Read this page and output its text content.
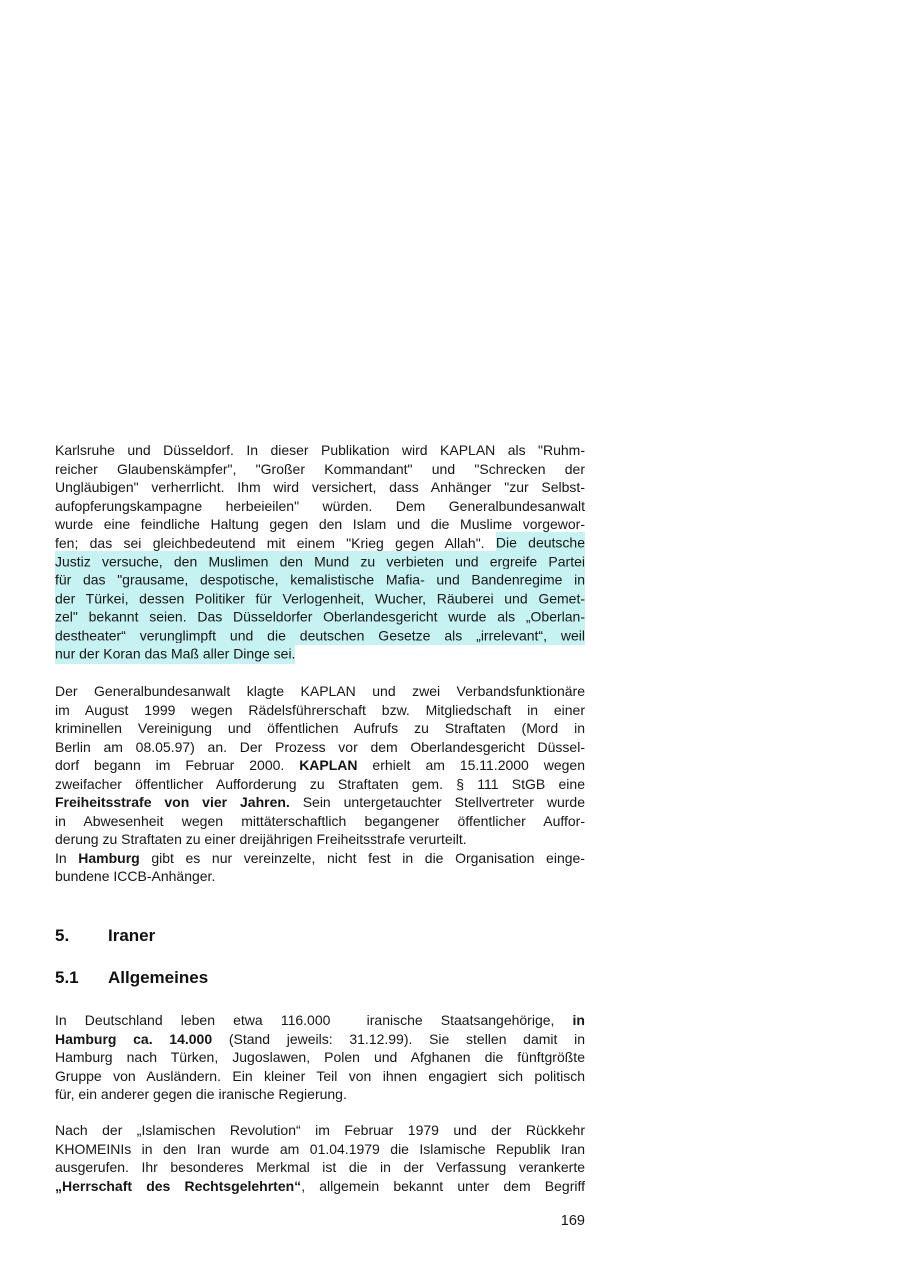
Karlsruhe und Düsseldorf. In dieser Publikation wird KAPLAN als "Ruhm-
reicher Glaubenskämpfer", "Großer Kommandant" und "Schrecken der
Ungläubigen" verherrlicht. Ihm wird versichert, dass Anhänger "zur Selbst-
aufopferungskampagne herbeieilen" würden. Dem Generalbundesanwalt
wurde eine feindliche Haltung gegen den Islam und die Muslime vorgewor-
fen; das sei gleichbedeutend mit einem "Krieg gegen Allah". Die deutsche
Justiz versuche, den Muslimen den Mund zu verbieten und ergreife Partei
für das "grausame, despotische, kemalistische Mafia- und Bandenregime in
der Türkei, dessen Politiker für Verlogenheit, Wucher, Räuberei und Gemet-
zel" bekannt seien. Das Düsseldorfer Oberlandesgericht wurde als „Oberlan-
destheater“ verunglimpft und die deutschen Gesetze als „irrelevant“, weil
nur der Koran das Maß aller Dinge sei.
Der Generalbundesanwalt klagte KAPLAN und zwei Verbandsfunktionäre
im August 1999 wegen Rädelsführerschaft bzw. Mitgliedschaft in einer
kriminellen Vereinigung und öffentlichen Aufrufs zu Straftaten (Mord in
Berlin am 08.05.97) an. Der Prozess vor dem Oberlandesgericht Düssel-
dorf begann im Februar 2000. KAPLAN erhielt am 15.11.2000 wegen
zweifacher öffentlicher Aufforderung zu Straftaten gem. § 111 StGB eine
Freiheitsstrafe von vier Jahren. Sein untergetauchter Stellvertreter wurde
in Abwesenheit wegen mittäterschaftlich begangener öffentlicher Auffor-
derung zu Straftaten zu einer dreijährigen Freiheitsstrafe verurteilt.
In Hamburg gibt es nur vereinzelte, nicht fest in die Organisation einge-
bundene ICCB-Anhänger.
5.	Iraner
5.1	Allgemeines
In Deutschland leben etwa 116.000  iranische Staatsangehörige, in
Hamburg ca. 14.000 (Stand jeweils: 31.12.99). Sie stellen damit in
Hamburg nach Türken, Jugoslawen, Polen und Afghanen die fünftgrößte
Gruppe von Ausländern. Ein kleiner Teil von ihnen engagiert sich politisch
für, ein anderer gegen die iranische Regierung.
Nach der „Islamischen Revolution“ im Februar 1979 und der Rückkehr
KHOMEINIs in den Iran wurde am 01.04.1979 die Islamische Republik Iran
ausgerufen. Ihr besonderes Merkmal ist die in der Verfassung verankerte
„Herrschaft des Rechtsgelehrten“, allgemein bekannt unter dem Begriff
169
